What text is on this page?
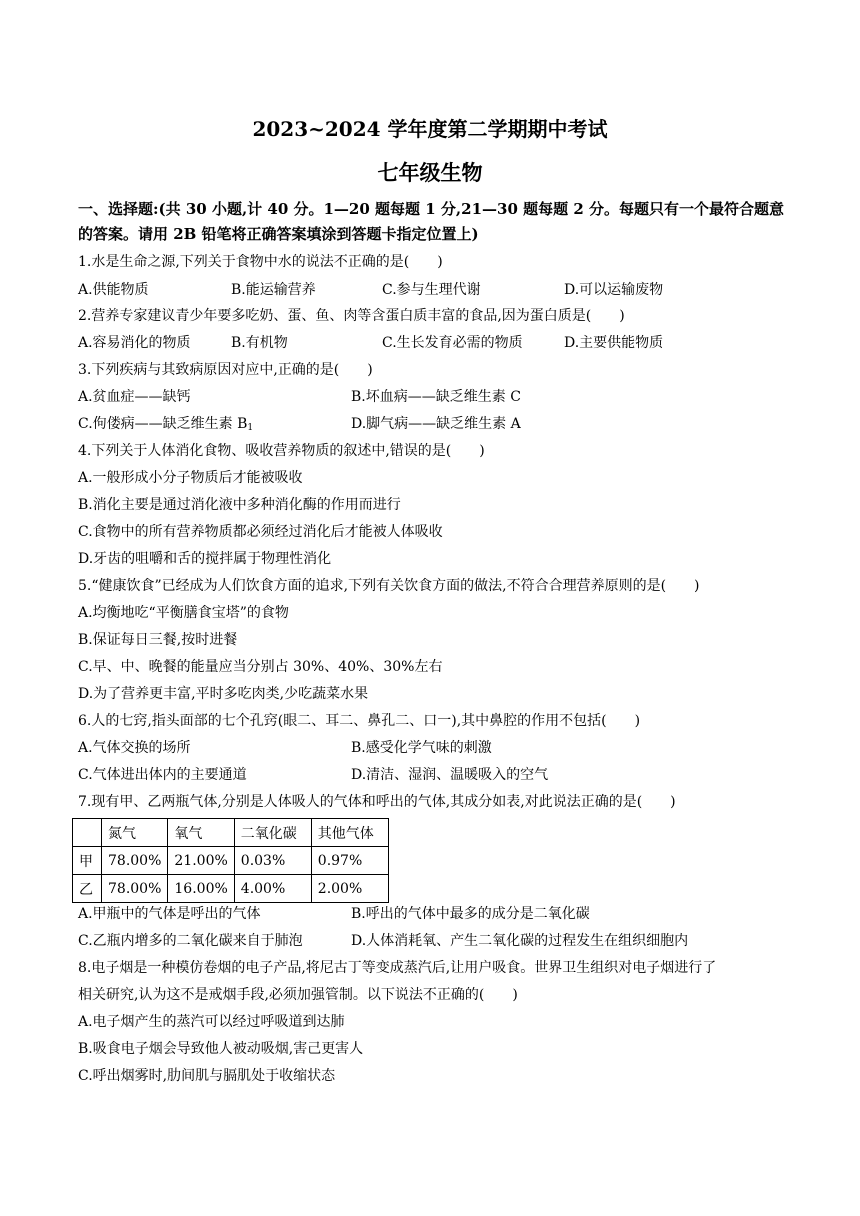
2023~2024 学年度第二学期期中考试
七年级生物
一、选择题:(共 30 小题,计 40 分。1—20 题每题 1 分,21—30 题每题 2 分。每题只有一个最符合题意的答案。请用 2B 铅笔将正确答案填涂到答题卡指定位置上)
1.水是生命之源,下列关于食物中水的说法不正确的是(　　)
A.供能物质	B.能运输营养	C.参与生理代谢	D.可以运输废物
2.营养专家建议青少年要多吃奶、蛋、鱼、肉等含蛋白质丰富的食品,因为蛋白质是(　　)
A.容易消化的物质	B.有机物	C.生长发育必需的物质	D.主要供能物质
3.下列疾病与其致病原因对应中,正确的是(　　)
A.贫血症——缺钙	B.坏血病——缺乏维生素 C
C.佝偻病——缺乏维生素 $B_1$	D.脚气病——缺乏维生素 A
4.下列关于人体消化食物、吸收营养物质的叙述中,错误的是(　　)
A.一般形成小分子物质后才能被吸收
B.消化主要是通过消化液中多种消化酶的作用而进行
C.食物中的所有营养物质都必须经过消化后才能被人体吸收
D.牙齿的咀嚼和舌的搅拌属于物理性消化
5.“健康饮食”已经成为人们饮食方面的追求,下列有关饮食方面的做法,不符合合理营养原则的是(　　)
A.均衡地吃“平衡膳食宝塔”的食物
B.保证每日三餐,按时进餐
C.早、中、晚餐的能量应当分别占 30%、40%、30%左右
D.为了营养更丰富,平时多吃肉类,少吃蔬菜水果
6.人的七窍,指头面部的七个孔窍(眼二、耳二、鼻孔二、口一),其中鼻腔的作用不包括(　　)
A.气体交换的场所	B.感受化学气味的刺激
C.气体进出体内的主要通道	D.清洁、湿润、温暖吸入的空气
7.现有甲、乙两瓶气体,分别是人体吸人的气体和呼出的气体,其成分如表,对此说法正确的是(　　)
	氮气	氧气	二氧化碳	其他气体
甲	78.00%	21.00%	0.03%	0.97%
乙	78.00%	16.00%	4.00%	2.00%
A.甲瓶中的气体是呼出的气体	B.呼出的气体中最多的成分是二氧化碳
C.乙瓶内增多的二氧化碳来自于肺泡	D.人体消耗氧、产生二氧化碳的过程发生在组织细胞内
8.电子烟是一种模仿卷烟的电子产品,将尼古丁等变成蒸汽后,让用户吸食。世界卫生组织对电子烟进行了
相关研究,认为这不是戒烟手段,必须加强管制。以下说法不正确的(　　)
A.电子烟产生的蒸汽可以经过呼吸道到达肺
B.吸食电子烟会导致他人被动吸烟,害己更害人
C.呼出烟雾时,肋间肌与膈肌处于收缩状态
